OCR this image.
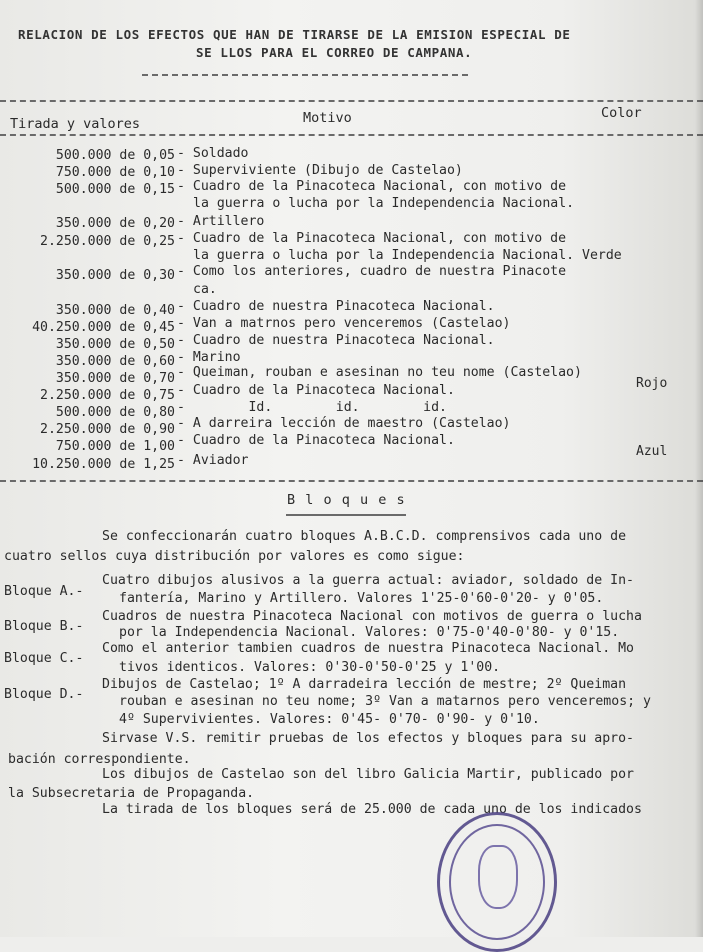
RELACION DE LOS EFECTOS QUE HAN DE TIRARSE DE LA EMISION ESPECIAL DE
SE LLOS PARA EL CORREO DE CAMPANA.
Tirada y valores	Motivo	Color
500.000 de 0,05 - Soldado
750.000 de 0,10 - Superviviente (Dibujo de Castelao)
500.000 de 0,15 - Cuadro de la Pinacoteca Nacional, con motivo de
la guerra o lucha por la Independencia Nacional.
350.000 de 0,20 - Artillero
2.250.000 de 0,25 - Cuadro de la Pinacoteca Nacional, con motivo de
la guerra o lucha por la Independencia Nacional. Verde
350.000 de 0,30 - Como los anteriores, cuadro de nuestra Pinacote
ca.
350.000 de 0,40 - Cuadro de nuestra Pinacoteca Nacional.
40.250.000 de 0,45 - Van a matrnos pero venceremos (Castelao)
350.000 de 0,50 - Cuadro de nuestra Pinacoteca Nacional.
350.000 de 0,60 - Marino
350.000 de 0,70 - Queiman, rouban e asesinan no teu nome (Castelao)
2.250.000 de 0,75 - Cuadro de la Pinacoteca Nacional.
500.000 de 0,80 -        Id.        id.        id.
2.250.000 de 0,90 - A darreira lección de maestro (Castelao)
750.000 de 1,00 - Cuadro de la Pinacoteca Nacional.
10.250.000 de 1,25 - Aviador
Rojo
Azul
B l o q u e s
Se confeccionarán cuatro bloques A.B.C.D. comprensivos cada uno de
cuatro sellos cuya distribución por valores es como sigue:
Bloque A.-
Cuatro dibujos alusivos a la guerra actual: aviador, soldado de In-
fantería, Marino y Artillero. Valores 1'25-0'60-0'20- y 0'05.
Bloque B.-
Cuadros de nuestra Pinacoteca Nacional con motivos de guerra o lucha
por la Independencia Nacional. Valores: 0'75-0'40-0'80- y 0'15.
Bloque C.-
Como el anterior tambien cuadros de nuestra Pinacoteca Nacional. Mo
tivos identicos. Valores: 0'30-0'50-0'25 y 1'00.
Bloque D.-
Dibujos de Castelao; 1º A darradeira lección de mestre; 2º Queiman
rouban e asesinan no teu nome; 3º Van a matarnos pero venceremos; y
4º Supervivientes. Valores: 0'45- 0'70- 0'90- y 0'10.
Sirvase V.S. remitir pruebas de los efectos y bloques para su apro-
bación correspondiente.
Los dibujos de Castelao son del libro Galicia Martir, publicado por
la Subsecretaria de Propaganda.
La tirada de los bloques será de 25.000 de cada uno de los indicados
